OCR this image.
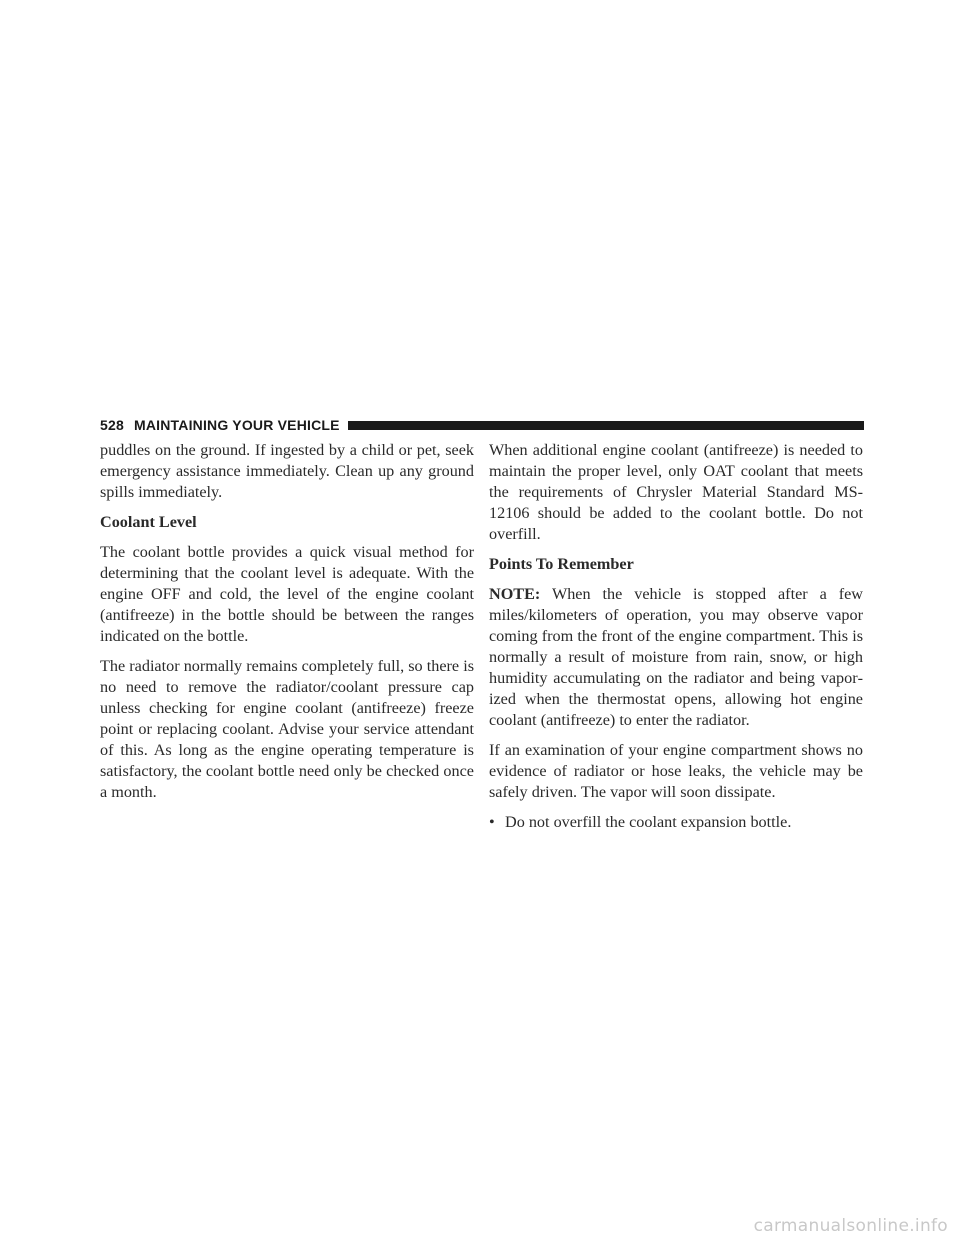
528 MAINTAINING YOUR VEHICLE

puddles on the ground. If ingested by a child or pet, seek emergency assistance immediately. Clean up any ground spills immediately.

Coolant Level

The coolant bottle provides a quick visual method for determining that the coolant level is adequate. With the engine OFF and cold, the level of the engine coolant (antifreeze) in the bottle should be between the ranges indicated on the bottle.

The radiator normally remains completely full, so there is no need to remove the radiator/coolant pressure cap unless checking for engine coolant (antifreeze) freeze point or replacing coolant. Advise your service attendant of this. As long as the engine operating temperature is satisfactory, the coolant bottle need only be checked once a month.

When additional engine coolant (antifreeze) is needed to maintain the proper level, only OAT coolant that meets the requirements of Chrysler Material Standard MS-12106 should be added to the coolant bottle. Do not overfill.

Points To Remember

NOTE: When the vehicle is stopped after a few miles/kilometers of operation, you may observe vapor coming from the front of the engine compartment. This is normally a result of moisture from rain, snow, or high humidity accumulating on the radiator and being vaporized when the thermostat opens, allowing hot engine coolant (antifreeze) to enter the radiator.

If an examination of your engine compartment shows no evidence of radiator or hose leaks, the vehicle may be safely driven. The vapor will soon dissipate.

• Do not overfill the coolant expansion bottle.
carmanualsonline.info
